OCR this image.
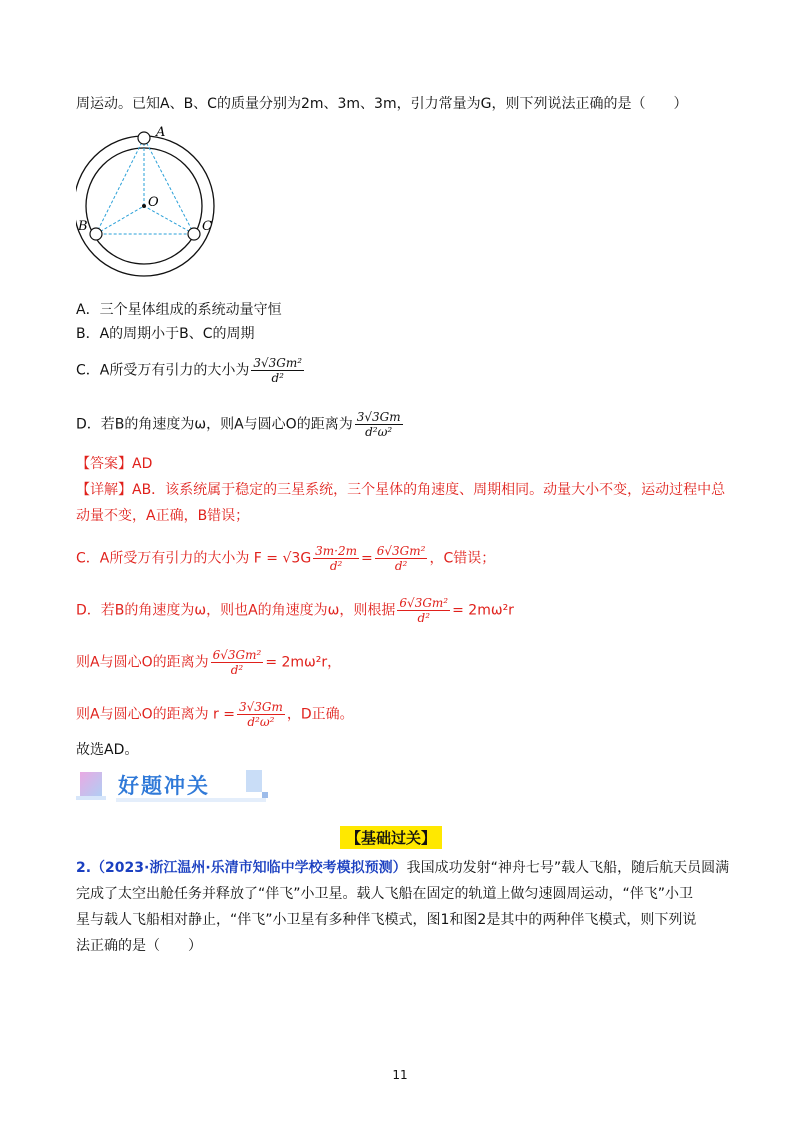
周运动。已知A、B、C的质量分别为2m、3m、3m，引力常量为G，则下列说法正确的是（　　）
A
B	C
O
A．三个星体组成的系统动量守恒
B．A的周期小于B、C的周期
C．A所受万有引力的大小为 $\frac{\text{3√3Gm²}}{\text{d²}}$
D．若B的角速度为ω，则A与圆心O的距离为 $\frac{3√3Gm}{\text{d²ω²}}$
【答案】AD
【详解】AB．该系统属于稳定的三星系统，三个星体的角速度、周期相同。动量大小不变，运动过程中总
动量不变，A正确，B错误；
C．A所受万有引力的大小为 $F = √3G \frac{3m\cdot 2m}{\text{d²}} = \frac{\text{6√3Gm²}}{\text{d²}}$ ，C错误；
D．若B的角速度为ω，则也A的角速度为ω，则根据 $\frac{\text{6√3Gm²}}{\text{d²}} = 2m\omega^2r$
则A与圆心O的距离为 $\frac{\text{6√3Gm²}}{\text{d²}} = 2m\omega^2r$，
则A与圆心O的距离为 $r = \frac{3√3Gm}{\text{d²ω²}}$ ，D正确。
故选AD。
好题冲关
【基础过关】
2.（2023·浙江温州·乐清市知临中学校考模拟预测）我国成功发射“神舟七号”载人飞船，随后航天员圆满
完成了太空出舱任务并释放了“伴飞”小卫星。载人飞船在固定的轨道上做匀速圆周运动，“伴飞”小卫
星与载人飞船相对静止，“伴飞”小卫星有多种伴飞模式，图1和图2是其中的两种伴飞模式，则下列说
法正确的是（　　）
11
